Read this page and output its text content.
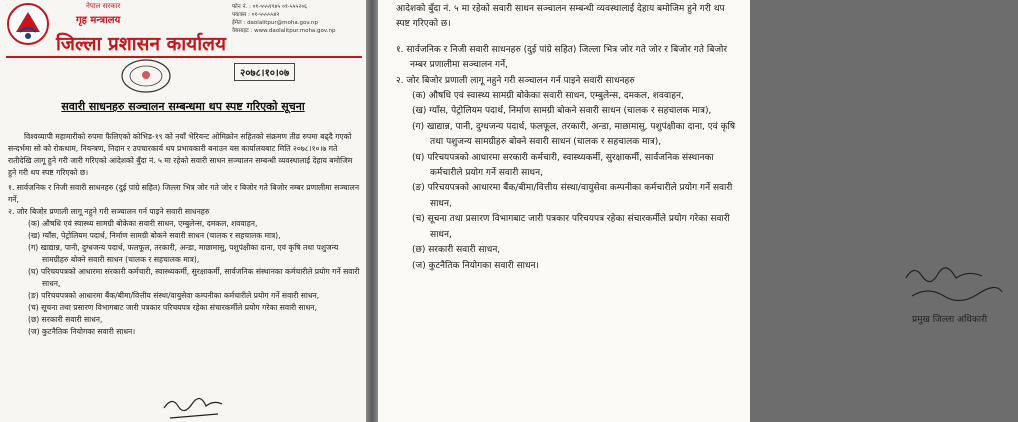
नेपाल सरकार
गृह मन्त्रालय
जिल्ला प्रशासन कार्यालय
फोन नं. : ०१-५५५११४५ ०१-५५५२०६
फ्याक्स : ०१-५५५५५४२
ईमेल : daolalitpur@moha.gov.np
वेबसाइट : www.daolalitpur.moha.gov.np
२०७८।१०।०७
सवारी साधनहरु सञ्चालन सम्बन्धमा थप स्पष्ट गरिएको सूचना

विश्वव्यापी महामारीको रुपमा फैलिएको कोभिड-१९ को नयाँ भेरियन्ट ओमिक्रोन सहितको संक्रमण तीव्र रुपमा बढ्दै गएको सन्दर्भमा सो को रोकथाम, नियन्त्रण, निदान र उपचारकार्य थप प्रभावकारी बनाउन यस कार्यालयबाट मिति २०७८।१०।७ गते रातीदेखि लागू हुने गरी जारी गरिएको आदेशको बुँदा नं. ५ मा रहेको सवारी साधन सञ्चालन सम्बन्धी व्यवस्थालाई देहाय बमोजिम हुने गरी थप स्पष्ट गरिएको छ।

१. सार्वजनिक र निजी सवारी साधनहरु (दुई पांग्रे सहित) जिल्ला भित्र जोर गते जोर र बिजोर गते बिजोर नम्बर प्रणालीमा सञ्चालन गर्ने,

२. जोर बिजोर प्रणाली लागू नहुने गरी सञ्चालन गर्न पाइने सवारी साधनहरु

(क) औषधि एवं स्वास्थ्य सामग्री बोकेका सवारी साधन, एम्बुलेन्स, दमकल, शववाहन,

(ख) ग्याँस, पेट्रोलियम पदार्थ, निर्माण सामग्री बोकने सवारी साधन (चालक र सहचालक मात्र),

(ग) खाद्यान्न, पानी, दुग्धजन्य पदार्थ, फलफूल, तरकारी, अन्डा, माछामासु, पशुपंक्षीका दाना, एवं कृषि तथा पशुजन्य सामग्रीहरु बोक्ने सवारी साधन (चालक र सहचालक मात्र),

(घ) परिचयपत्रको आधारमा सरकारी कर्मचारी, स्वास्थ्यकर्मी, सुरक्षाकर्मी, सार्वजनिक संस्थानका कर्मचारीले प्रयोग गर्ने सवारी साधन,

(ङ) परिचयपत्रको आधारमा बैंक/बीमा/वित्तीय संस्था/वायुसेवा कम्पनीका कर्मचारीले प्रयोग गर्ने सवारी साधन,

(च) सूचना तथा प्रसारण विभागबाट जारी पत्रकार परिचयपत्र रहेका संचारकर्मीले प्रयोग गरेका सवारी साधन,

(छ) सरकारी सवारी साधन,

(ज) कुटनैतिक नियोगका सवारी साधन।

आदेशको बुँदा नं. ५ मा रहेको सवारी साधन सञ्चालन सम्बन्धी व्यवस्थालाई देहाय बमोजिम हुने गरी थप स्पष्ट गरिएको छ।

१. सार्वजनिक र निजी सवारी साधनहरु (दुई पांग्रे सहित) जिल्ला भित्र जोर गते जोर र बिजोर गते बिजोर नम्बर प्रणालीमा सञ्चालन गर्ने,

२. जोर बिजोर प्रणाली लागू नहुने गरी सञ्चालन गर्न पाइने सवारी साधनहरु

(क) औषधि एवं स्वास्थ्य सामग्री बोकेका सवारी साधन, एम्बुलेन्स, दमकल, शववाहन,

(ख) ग्याँस, पेट्रोलियम पदार्थ, निर्माण सामग्री बोकने सवारी साधन (चालक र सहचालक मात्र),

(ग) खाद्यान्न, पानी, दुग्धजन्य पदार्थ, फलफूल, तरकारी, अन्डा, माछामासु, पशुपंक्षीका दाना, एवं कृषि तथा पशुजन्य सामग्रीहरु बोक्ने सवारी साधन (चालक र सहचालक मात्र),

(घ) परिचयपत्रको आधारमा सरकारी कर्मचारी, स्वास्थ्यकर्मी, सुरक्षाकर्मी, सार्वजनिक संस्थानका कर्मचारीले प्रयोग गर्ने सवारी साधन,

(ङ) परिचयपत्रको आधारमा बैंक/बीमा/वित्तीय संस्था/वायुसेवा कम्पनीका कर्मचारीले प्रयोग गर्ने सवारी साधन,

(च) सूचना तथा प्रसारण विभागबाट जारी पत्रकार परिचयपत्र रहेका संचारकर्मीले प्रयोग गरेका सवारी साधन,

(छ) सरकारी सवारी साधन,

(ज) कुटनैतिक नियोगका सवारी साधन।

प्रमुख जिल्ला अधिकारी
